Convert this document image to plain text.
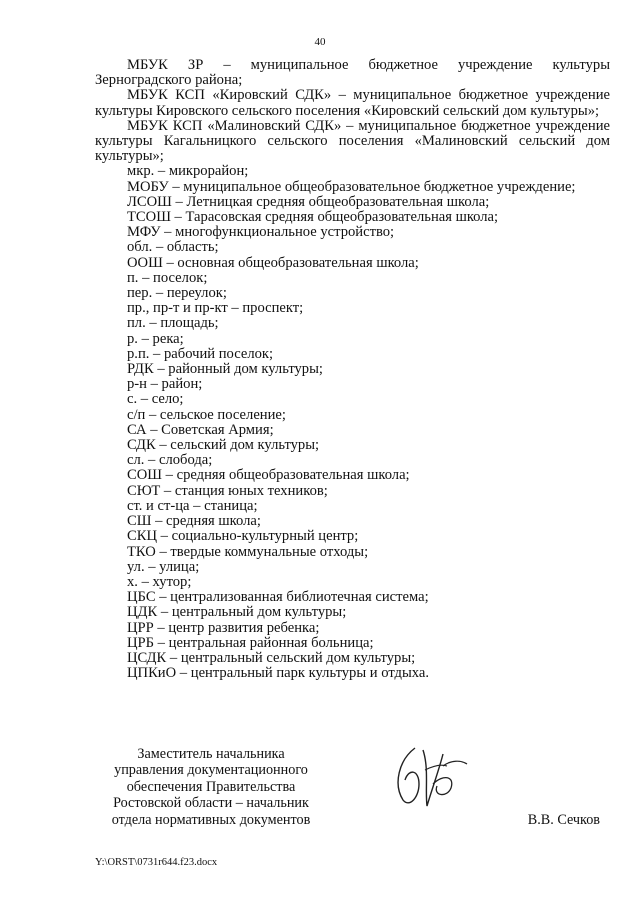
40

МБУК ЗР – муниципальное бюджетное учреждение культуры Зерноградского района;

МБУК КСП «Кировский СДК» – муниципальное бюджетное учреждение культуры Кировского сельского поселения «Кировский сельский дом культуры»;

МБУК КСП «Малиновский СДК» – муниципальное бюджетное учреждение культуры Кагальницкого сельского поселения «Малиновский сельский дом культуры»;

мкр. – микрорайон;
МОБУ – муниципальное общеобразовательное бюджетное учреждение;
ЛСОШ – Летницкая средняя общеобразовательная школа;
ТСОШ – Тарасовская средняя общеобразовательная школа;
МФУ – многофункциональное устройство;
обл. – область;
ООШ – основная общеобразовательная школа;
п. – поселок;
пер. – переулок;
пр., пр-т и пр-кт – проспект;
пл. – площадь;
р. – река;
р.п. – рабочий поселок;
РДК – районный дом культуры;
р-н – район;
с. – село;
с/п – сельское поселение;
СА – Советская Армия;
СДК – сельский дом культуры;
сл. – слобода;
СОШ – средняя общеобразовательная школа;
СЮТ – станция юных техников;
ст. и ст-ца – станица;
СШ – средняя школа;
СКЦ – социально-культурный центр;
ТКО – твердые коммунальные отходы;
ул. – улица;
х. – хутор;
ЦБС – централизованная библиотечная система;
ЦДК – центральный дом культуры;
ЦРР – центр развития ребенка;
ЦРБ – центральная районная больница;
ЦСДК – центральный сельский дом культуры;
ЦПКиО – центральный парк культуры и отдыха.
Заместитель начальника
управления документационного
обеспечения Правительства
Ростовской области – начальник
отдела нормативных документов	В.В. Сечков
Y:\ORST\0731r644.f23.docx
